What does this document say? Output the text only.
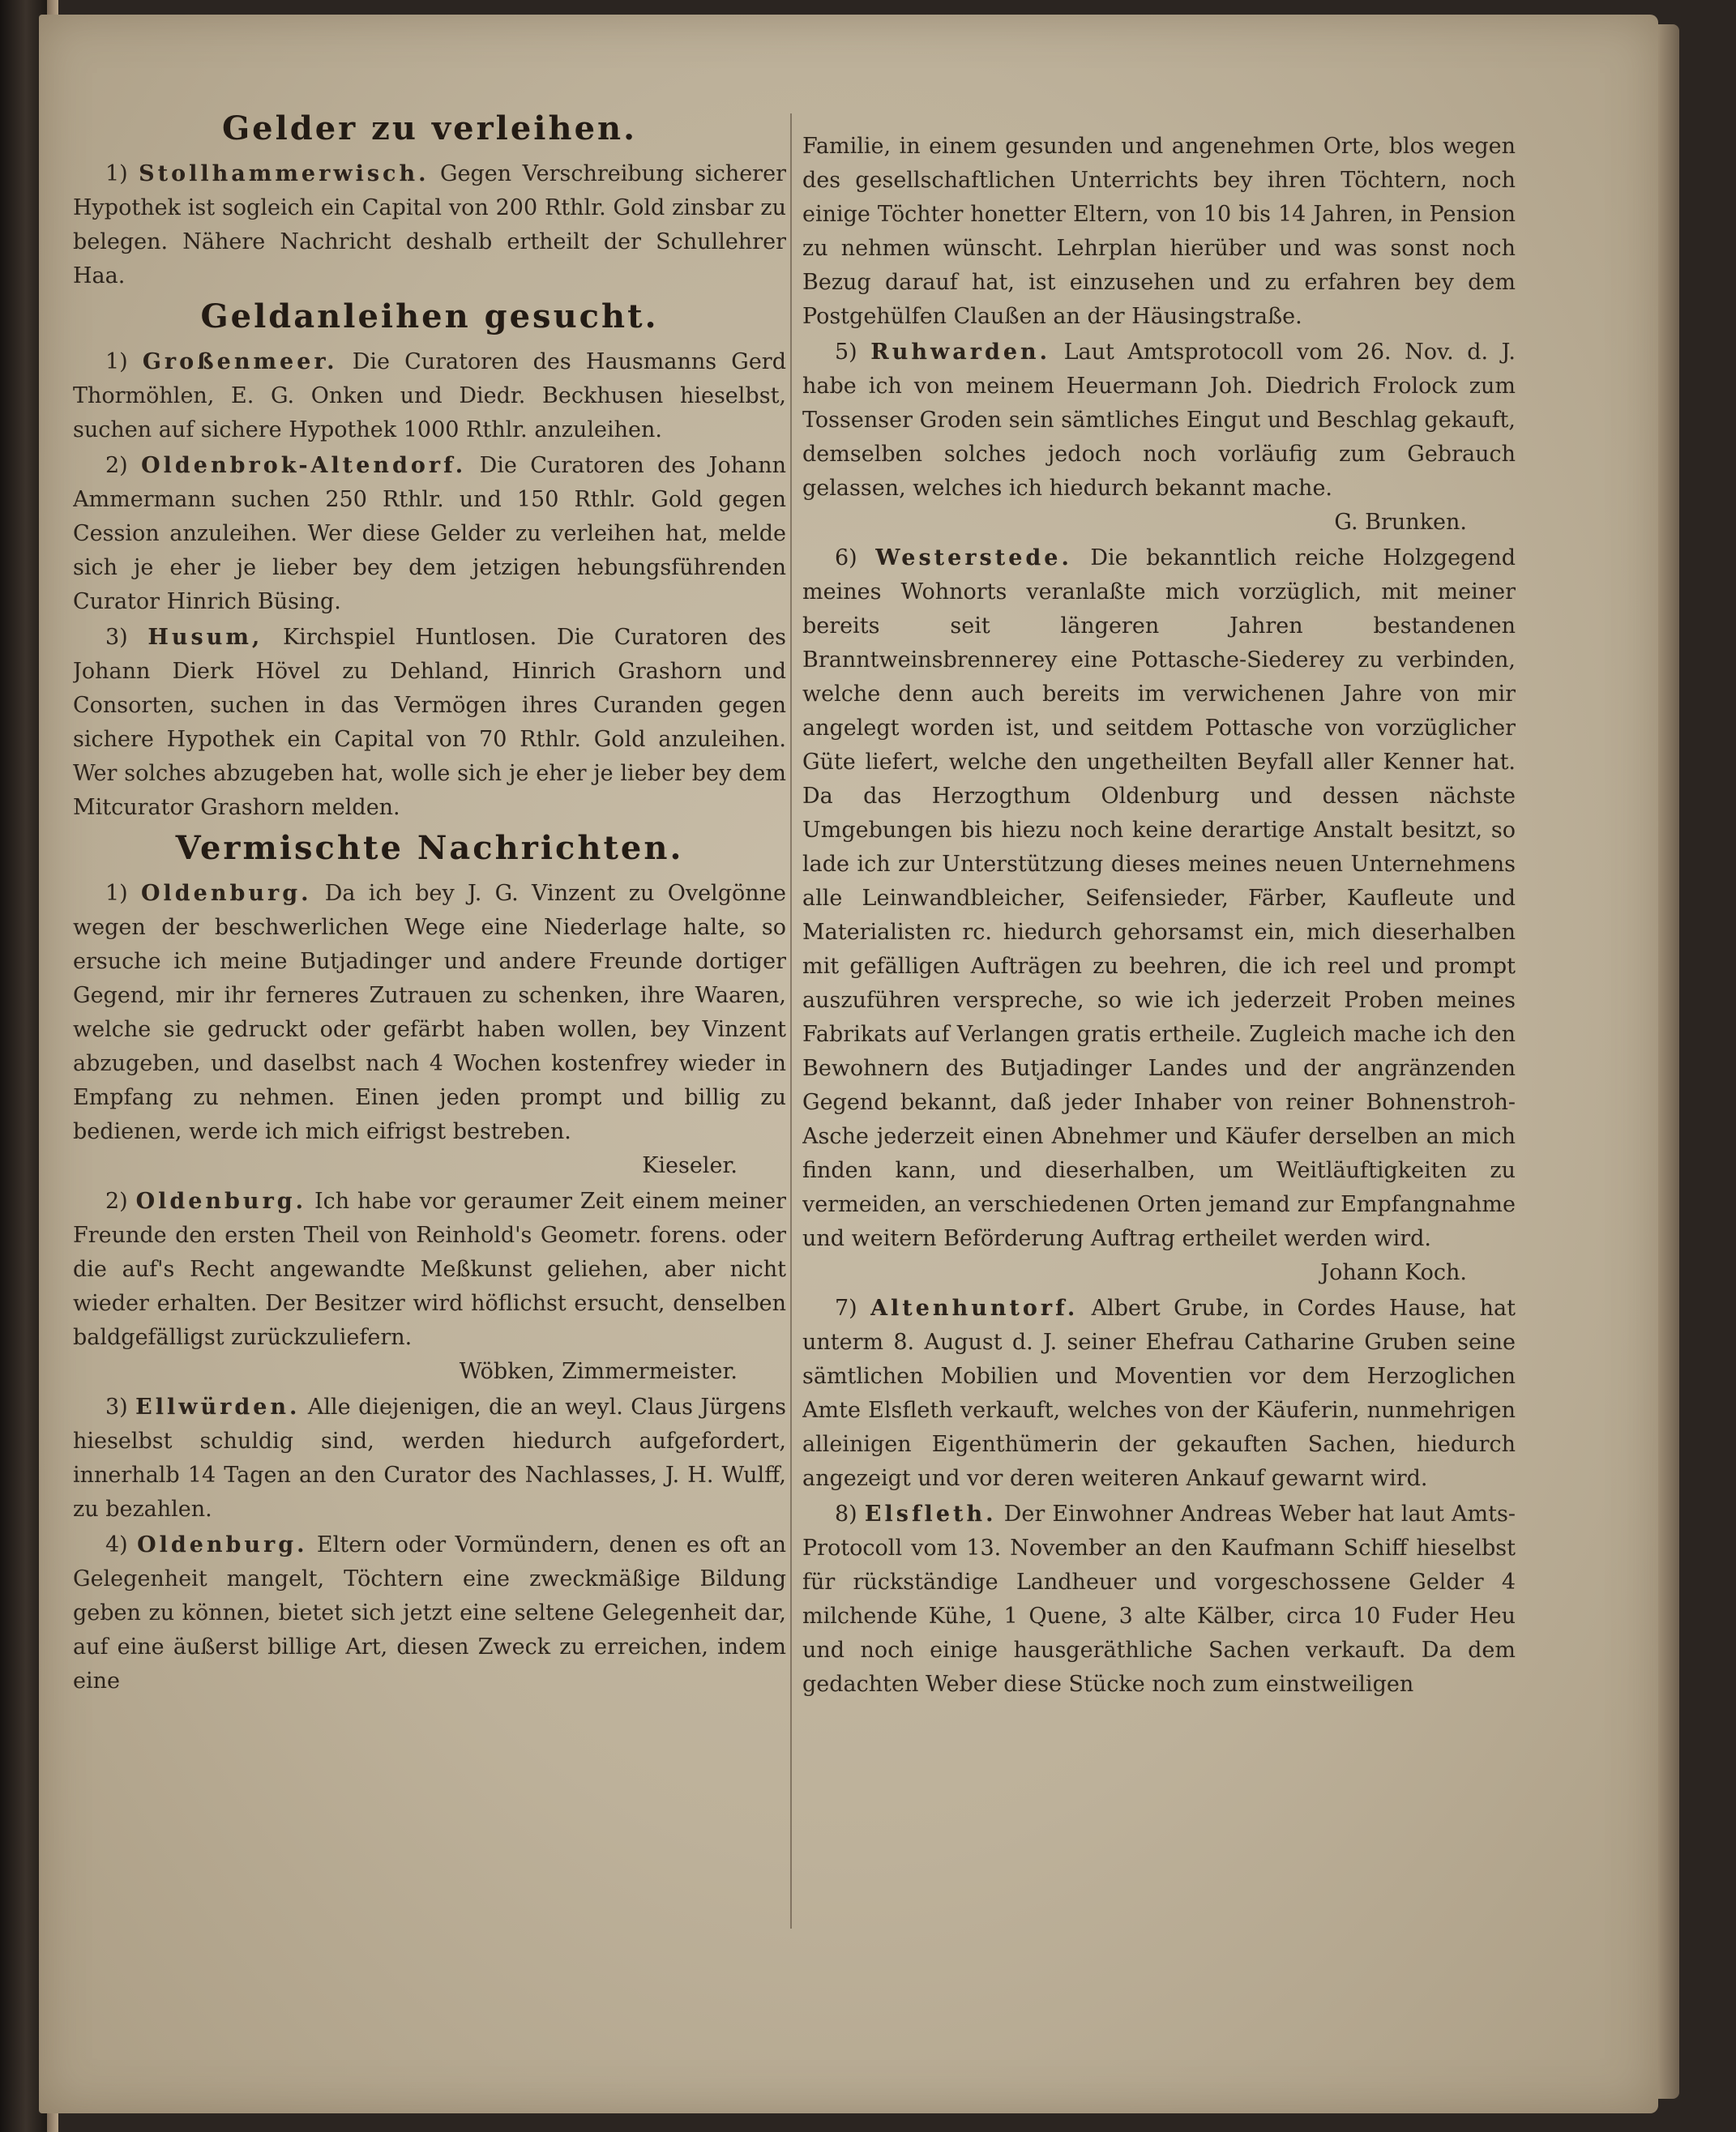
Gelder zu verleihen.

1) Stollhammerwisch. Gegen Verschreibung sicherer Hypothek ist sogleich ein Capital von 200 Rthlr. Gold zinsbar zu belegen. Nähere Nachricht deshalb ertheilt der Schullehrer Haa.

Geldanleihen gesucht.

1) Großenmeer. Die Curatoren des Hausmanns Gerd Thormöhlen, E. G. Onken und Diedr. Beckhusen hieselbst, suchen auf sichere Hypothek 1000 Rthlr. anzuleihen.

2) Oldenbrok-Altendorf. Die Curatoren des Johann Ammermann suchen 250 Rthlr. und 150 Rthlr. Gold gegen Cession anzuleihen. Wer diese Gelder zu verleihen hat, melde sich je eher je lieber bey dem jetzigen hebungsführenden Curator Hinrich Büsing.

3) Husum, Kirchspiel Huntlosen. Die Curatoren des Johann Dierk Hövel zu Dehland, Hinrich Grashorn und Consorten, suchen in das Vermögen ihres Curanden gegen sichere Hypothek ein Capital von 70 Rthlr. Gold anzuleihen. Wer solches abzugeben hat, wolle sich je eher je lieber bey dem Mitcurator Grashorn melden.

Vermischte Nachrichten.

1) Oldenburg. Da ich bey J. G. Vinzent zu Ovelgönne wegen der beschwerlichen Wege eine Niederlage halte, so ersuche ich meine Butjadinger und andere Freunde dortiger Gegend, mir ihr ferneres Zutrauen zu schenken, ihre Waaren, welche sie gedruckt oder gefärbt haben wollen, bey Vinzent abzugeben, und daselbst nach 4 Wochen kostenfrey wieder in Empfang zu nehmen. Einen jeden prompt und billig zu bedienen, werde ich mich eifrigst bestreben.
Kieseler.

2) Oldenburg. Ich habe vor geraumer Zeit einem meiner Freunde den ersten Theil von Reinhold's Geometr. forens. oder die auf's Recht angewandte Meßkunst geliehen, aber nicht wieder erhalten. Der Besitzer wird höflichst ersucht, denselben baldgefälligst zurückzuliefern.
Wöbken, Zimmermeister.

3) Ellwürden. Alle diejenigen, die an weyl. Claus Jürgens hieselbst schuldig sind, werden hiedurch aufgefordert, innerhalb 14 Tagen an den Curator des Nachlasses, J. H. Wulff, zu bezahlen.

4) Oldenburg. Eltern oder Vormündern, denen es oft an Gelegenheit mangelt, Töchtern eine zweckmäßige Bildung geben zu können, bietet sich jetzt eine seltene Gelegenheit dar, auf eine äußerst billige Art, diesen Zweck zu erreichen, indem eine

Familie, in einem gesunden und angenehmen Orte, blos wegen des gesellschaftlichen Unterrichts bey ihren Töchtern, noch einige Töchter honetter Eltern, von 10 bis 14 Jahren, in Pension zu nehmen wünscht. Lehrplan hierüber und was sonst noch Bezug darauf hat, ist einzusehen und zu erfahren bey dem Postgehülfen Claußen an der Häusingstraße.

5) Ruhwarden. Laut Amtsprotocoll vom 26. Nov. d. J. habe ich von meinem Heuermann Joh. Diedrich Frolock zum Tossenser Groden sein sämtliches Eingut und Beschlag gekauft, demselben solches jedoch noch vorläufig zum Gebrauch gelassen, welches ich hiedurch bekannt mache.
G. Brunken.

6) Westerstede. Die bekanntlich reiche Holzgegend meines Wohnorts veranlaßte mich vorzüglich, mit meiner bereits seit längeren Jahren bestandenen Branntweinsbrennerey eine Pottasche-Siederey zu verbinden, welche denn auch bereits im verwichenen Jahre von mir angelegt worden ist, und seitdem Pottasche von vorzüglicher Güte liefert, welche den ungetheilten Beyfall aller Kenner hat. Da das Herzogthum Oldenburg und dessen nächste Umgebungen bis hiezu noch keine derartige Anstalt besitzt, so lade ich zur Unterstützung dieses meines neuen Unternehmens alle Leinwandbleicher, Seifensieder, Färber, Kaufleute und Materialisten rc. hiedurch gehorsamst ein, mich dieserhalben mit gefälligen Aufträgen zu beehren, die ich reel und prompt auszuführen verspreche, so wie ich jederzeit Proben meines Fabrikats auf Verlangen gratis ertheile. Zugleich mache ich den Bewohnern des Butjadinger Landes und der angränzenden Gegend bekannt, daß jeder Inhaber von reiner Bohnenstroh-Asche jederzeit einen Abnehmer und Käufer derselben an mich finden kann, und dieserhalben, um Weitläuftigkeiten zu vermeiden, an verschiedenen Orten jemand zur Empfangnahme und weitern Beförderung Auftrag ertheilet werden wird.
Johann Koch.

7) Altenhuntorf. Albert Grube, in Cordes Hause, hat unterm 8. August d. J. seiner Ehefrau Catharine Gruben seine sämtlichen Mobilien und Moventien vor dem Herzoglichen Amte Elsfleth verkauft, welches von der Käuferin, nunmehrigen alleinigen Eigenthümerin der gekauften Sachen, hiedurch angezeigt und vor deren weiteren Ankauf gewarnt wird.

8) Elsfleth. Der Einwohner Andreas Weber hat laut Amts-Protocoll vom 13. November an den Kaufmann Schiff hieselbst für rückständige Landheuer und vorgeschossene Gelder 4 milchende Kühe, 1 Quene, 3 alte Kälber, circa 10 Fuder Heu und noch einige hausgeräthliche Sachen verkauft. Da dem gedachten Weber diese Stücke noch zum einstweiligen
